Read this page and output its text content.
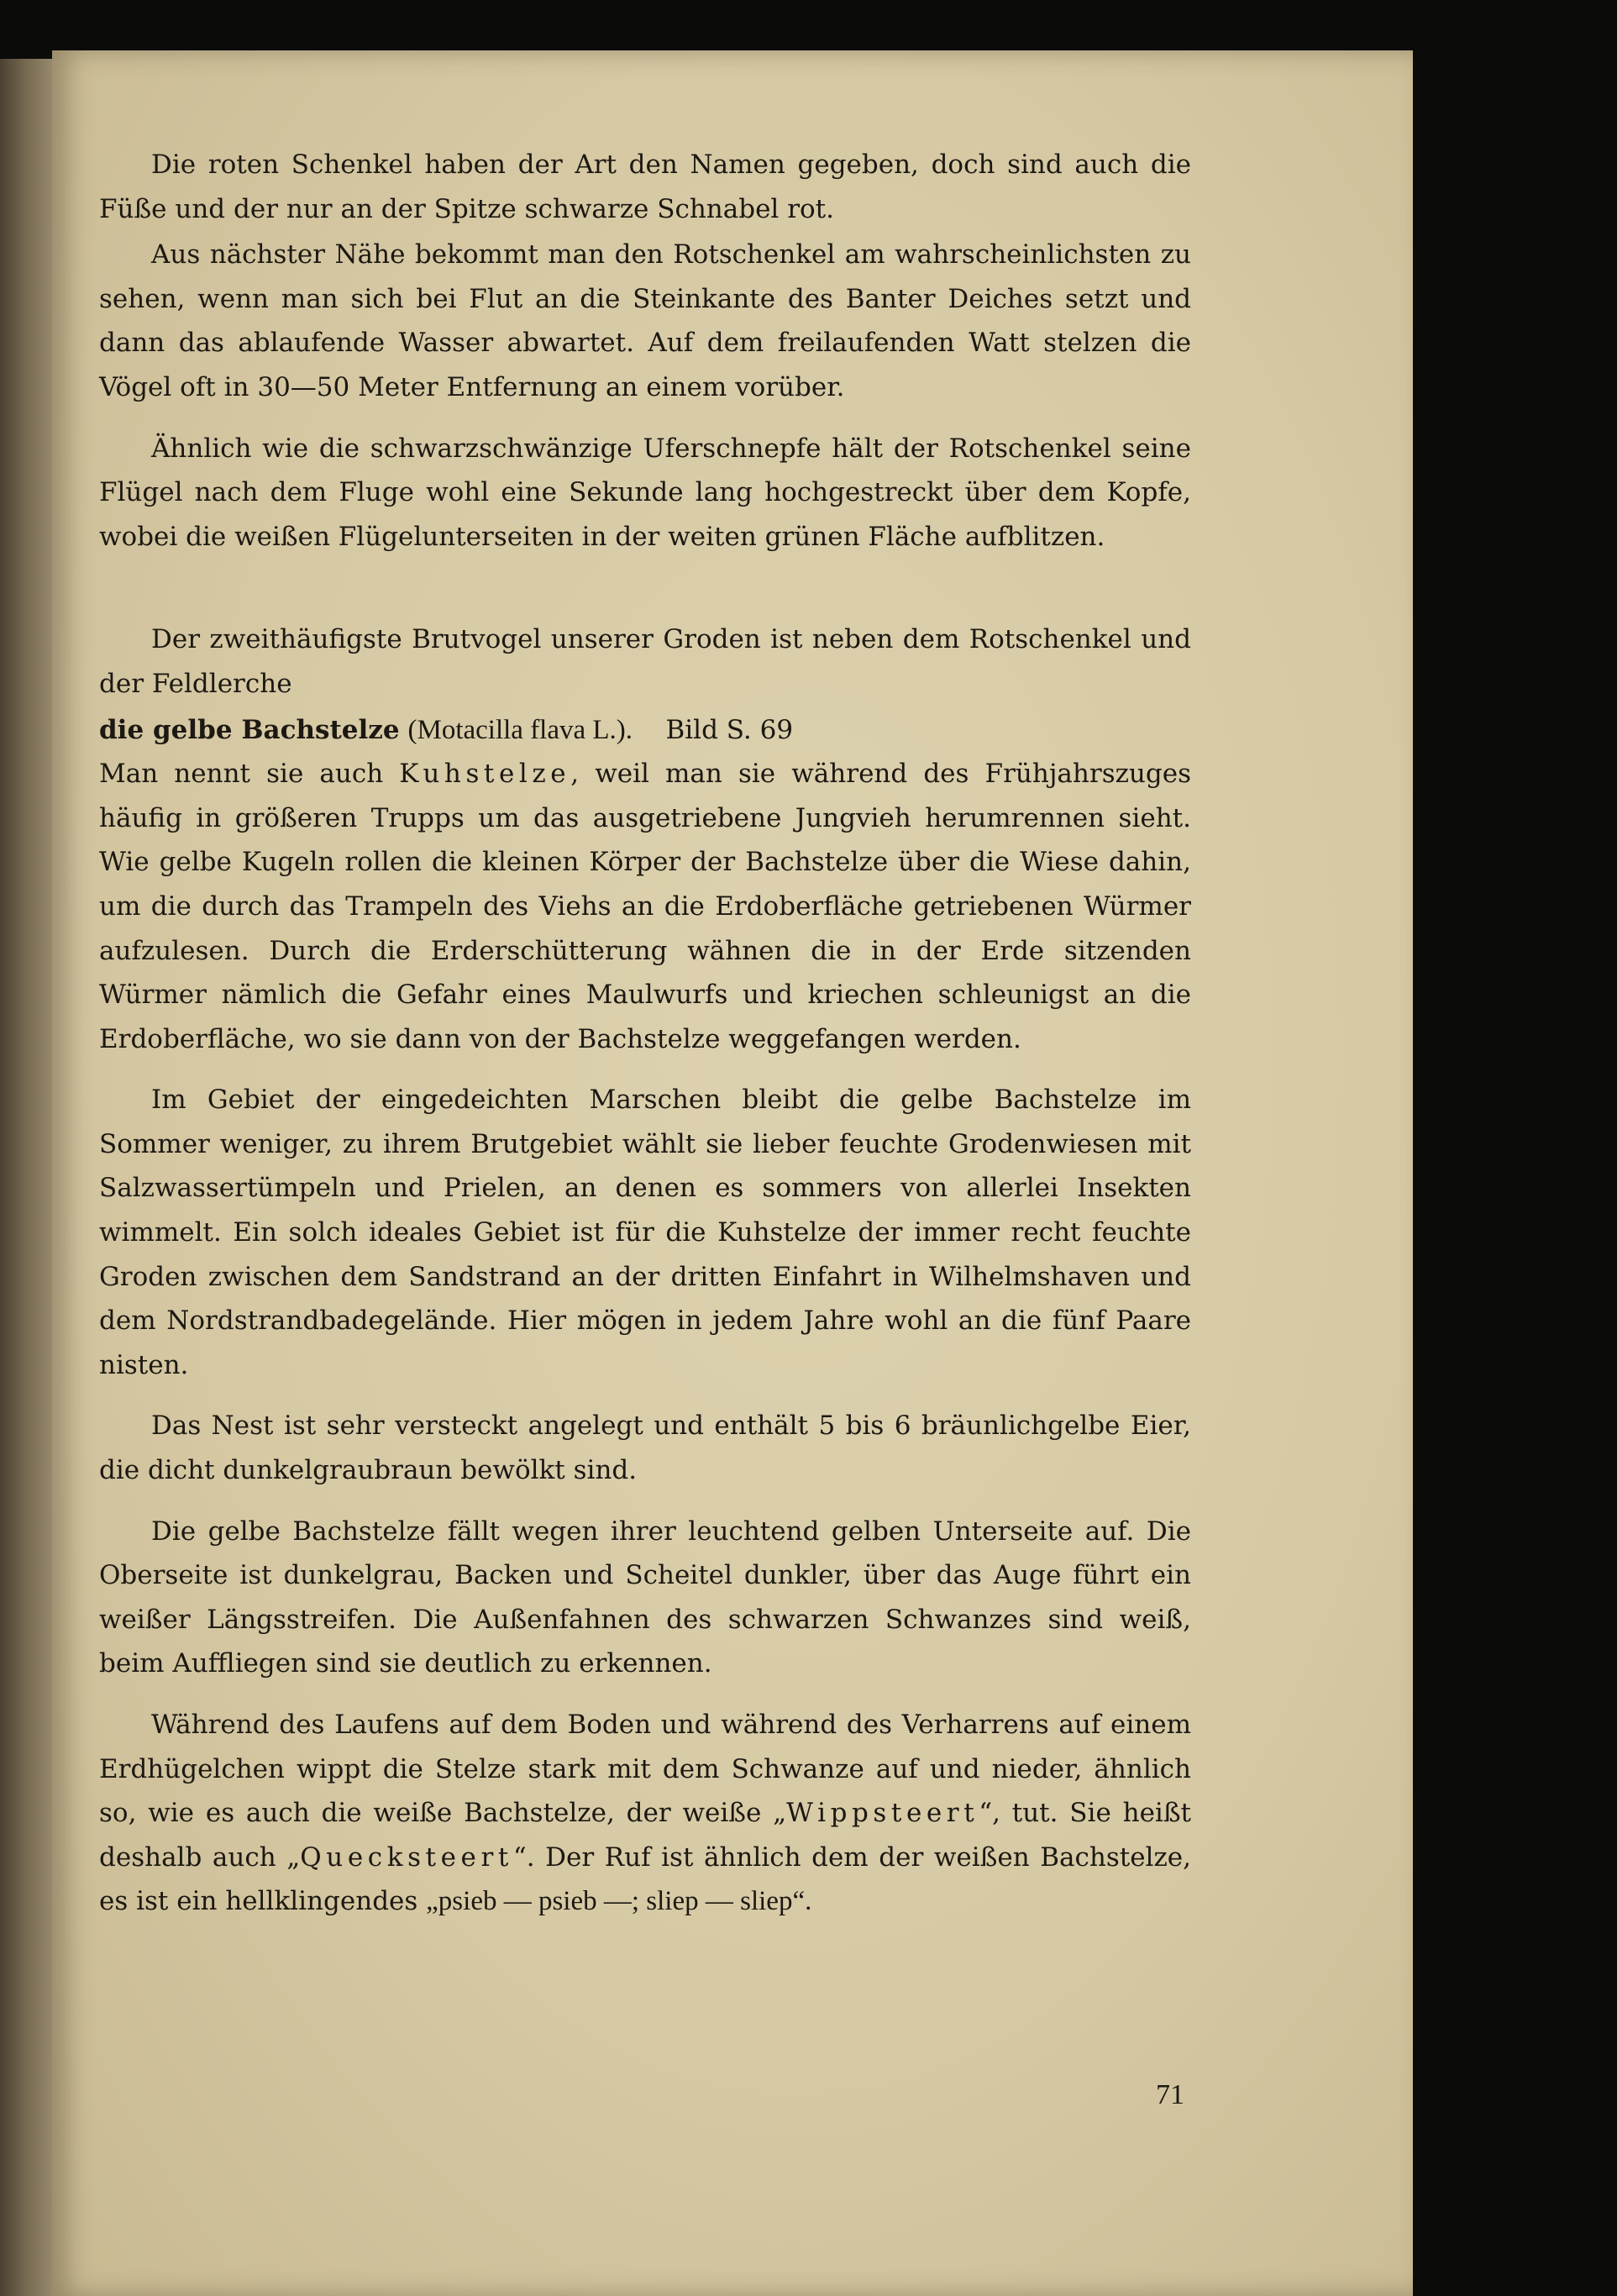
Die roten Schenkel haben der Art den Namen gegeben, doch sind auch die Füße und der nur an der Spitze schwarze Schnabel rot.

Aus nächster Nähe bekommt man den Rotschenkel am wahrscheinlichsten zu sehen, wenn man sich bei Flut an die Steinkante des Banter Deiches setzt und dann das ablaufende Wasser abwartet. Auf dem freilaufenden Watt stelzen die Vögel oft in 30—50 Meter Entfernung an einem vorüber.

Ähnlich wie die schwarzschwänzige Uferschnepfe hält der Rotschenkel seine Flügel nach dem Fluge wohl eine Sekunde lang hochgestreckt über dem Kopfe, wobei die weißen Flügelunterseiten in der weiten grünen Fläche aufblitzen.

Der zweithäufigste Brutvogel unserer Groden ist neben dem Rotschenkel und der Feldlerche

die gelbe Bachstelze (Motacilla flava L.). Bild S. 69

Man nennt sie auch Kuhstelze, weil man sie während des Frühjahrszuges häufig in größeren Trupps um das ausgetriebene Jungvieh herumrennen sieht. Wie gelbe Kugeln rollen die kleinen Körper der Bachstelze über die Wiese dahin, um die durch das Trampeln des Viehs an die Erdoberfläche getriebenen Würmer aufzulesen. Durch die Erderschütterung wähnen die in der Erde sitzenden Würmer nämlich die Gefahr eines Maulwurfs und kriechen schleunigst an die Erdoberfläche, wo sie dann von der Bachstelze weggefangen werden.

Im Gebiet der eingedeichten Marschen bleibt die gelbe Bachstelze im Sommer weniger, zu ihrem Brutgebiet wählt sie lieber feuchte Grodenwiesen mit Salzwassertümpeln und Prielen, an denen es sommers von allerlei Insekten wimmelt. Ein solch ideales Gebiet ist für die Kuhstelze der immer recht feuchte Groden zwischen dem Sandstrand an der dritten Einfahrt in Wilhelmshaven und dem Nordstrandbadegelände. Hier mögen in jedem Jahre wohl an die fünf Paare nisten.

Das Nest ist sehr versteckt angelegt und enthält 5 bis 6 bräunlichgelbe Eier, die dicht dunkelgraubraun bewölkt sind.

Die gelbe Bachstelze fällt wegen ihrer leuchtend gelben Unterseite auf. Die Oberseite ist dunkelgrau, Backen und Scheitel dunkler, über das Auge führt ein weißer Längsstreifen. Die Außenfahnen des schwarzen Schwanzes sind weiß, beim Auffliegen sind sie deutlich zu erkennen.

Während des Laufens auf dem Boden und während des Verharrens auf einem Erdhügelchen wippt die Stelze stark mit dem Schwanze auf und nieder, ähnlich so, wie es auch die weiße Bachstelze, der weiße „Wippsteert“, tut. Sie heißt deshalb auch „Quecksteert“. Der Ruf ist ähnlich dem der weißen Bachstelze, es ist ein hellklingendes „psieb — psieb —; sliep — sliep“.

71
